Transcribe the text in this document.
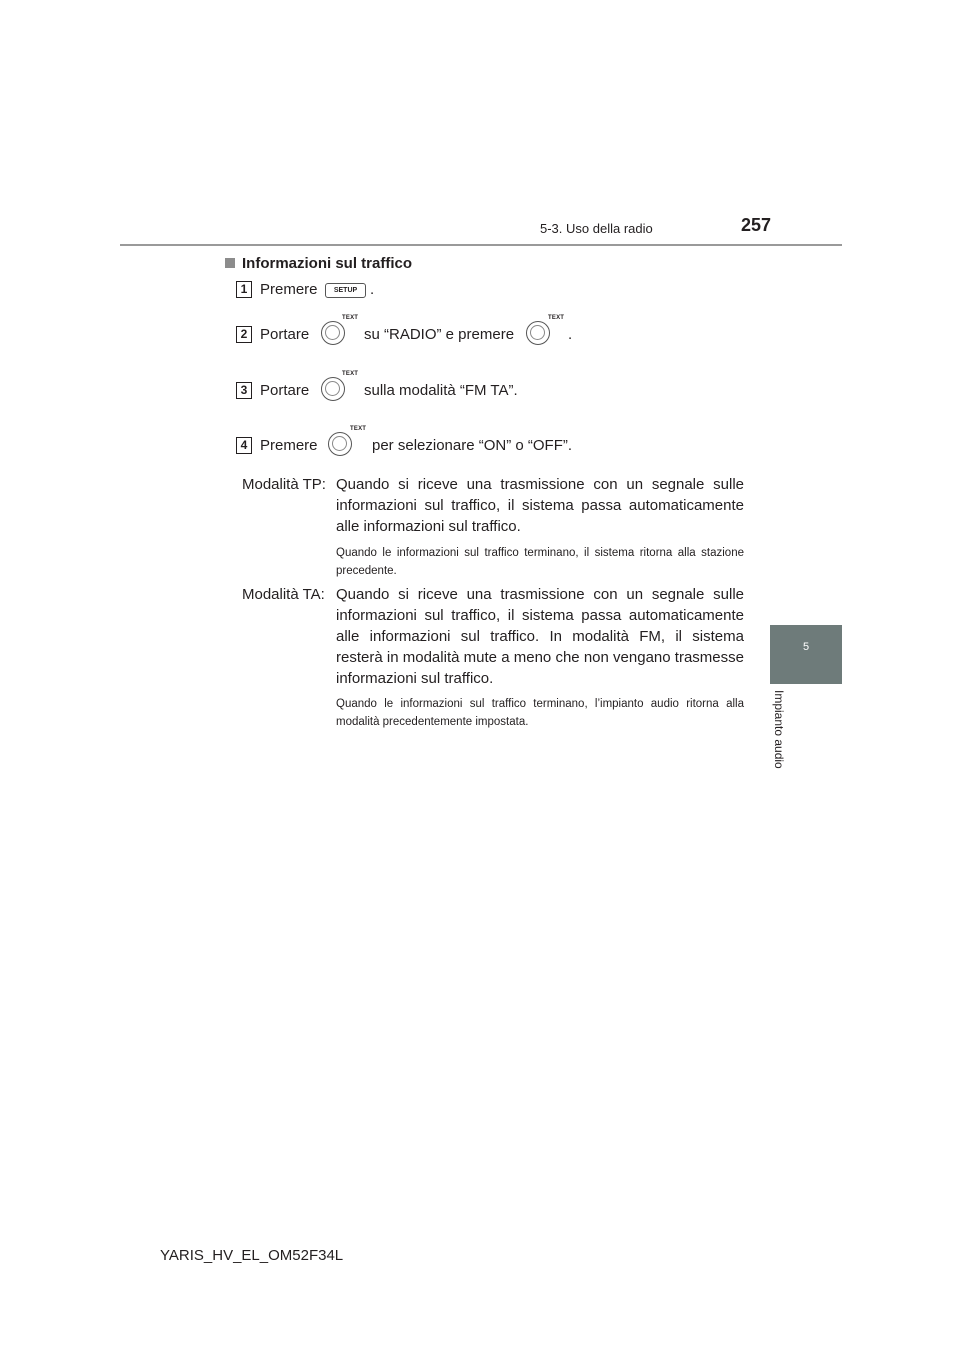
5-3. Uso della radio	257
5
Impianto audio
Informazioni sul traffico
1 Premere	SETUP .
2 Portare
TEXT
su “RADIO” e premere
TEXT
.
3 Portare
TEXT
sulla modalità “FM TA”.
4 Premere
TEXT
per selezionare “ON” o “OFF”.
Modalità TP: Quando si riceve una trasmissione con un segnale sulle informazioni sul traffico, il sistema passa automaticamente alle informazioni sul traffico.
Quando le informazioni sul traffico terminano, il sistema ritorna alla stazione precedente.
Modalità TA: Quando si riceve una trasmissione con un segnale sulle informazioni sul traffico, il sistema passa automaticamente alle informazioni sul traffico. In modalità FM, il sistema resterà in modalità mute a meno che non vengano trasmesse informazioni sul traffico.
Quando le informazioni sul traffico terminano, l’impianto audio ritorna alla modalità precedentemente impostata.
YARIS_HV_EL_OM52F34L
